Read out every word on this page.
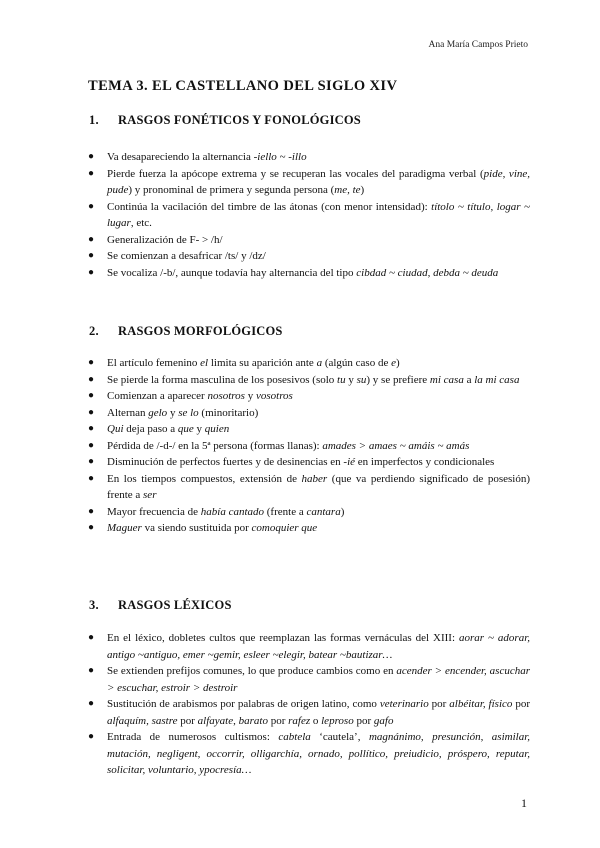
Ana María Campos Prieto
TEMA 3. EL CASTELLANO DEL SIGLO XIV
1. RASGOS FONÉTICOS Y FONOLÓGICOS
● Va desapareciendo la alternancia -iello ~ -illo
● Pierde fuerza la apócope extrema y se recuperan las vocales del paradigma verbal (pide, vine, pude) y pronominal de primera y segunda persona (me, te)
● Continúa la vacilación del timbre de las átonas (con menor intensidad): títolo ~ título, logar ~ lugar, etc.
● Generalización de F- > /h/
● Se comienzan a desafricar /ts/ y /dz/
● Se vocaliza /-b/, aunque todavía hay alternancia del tipo cibdad ~ ciudad, debda ~ deuda
2. RASGOS MORFOLÓGICOS
● El artículo femenino el limita su aparición ante a (algún caso de e)
● Se pierde la forma masculina de los posesivos (solo tu y su) y se prefiere mi casa a la mi casa
● Comienzan a aparecer nosotros y vosotros
● Alternan gelo y se lo (minoritario)
● Qui deja paso a que y quien
● Pérdida de /-d-/ en la 5ª persona (formas llanas): amades > amaes ~ amáis ~ amás
● Disminución de perfectos fuertes y de desinencias en -ié en imperfectos y condicionales
● En los tiempos compuestos, extensión de haber (que va perdiendo significado de posesión) frente a ser
● Mayor frecuencia de había cantado (frente a cantara)
● Maguer va siendo sustituida por comoquier que
3. RASGOS LÉXICOS
● En el léxico, dobletes cultos que reemplazan las formas vernáculas del XIII: aorar ~ adorar, antigo ~antiguo, emer ~gemir, esleer ~elegir, batear ~bautizar…
● Se extienden prefijos comunes, lo que produce cambios como en acender > encender, ascuchar > escuchar, estroir > destroir
● Sustitución de arabismos por palabras de origen latino, como veterinario por albéitar, físico por alfaquím, sastre por alfayate, barato por rafez o leproso por gafo
● Entrada de numerosos cultismos: cabtela ‘cautela’, magnánimo, presunción, asimilar, mutación, negligent, occorrir, olligarchía, ornado, pollítico, preiudicio, próspero, reputar, solicitar, voluntario, ypocresía…
1
